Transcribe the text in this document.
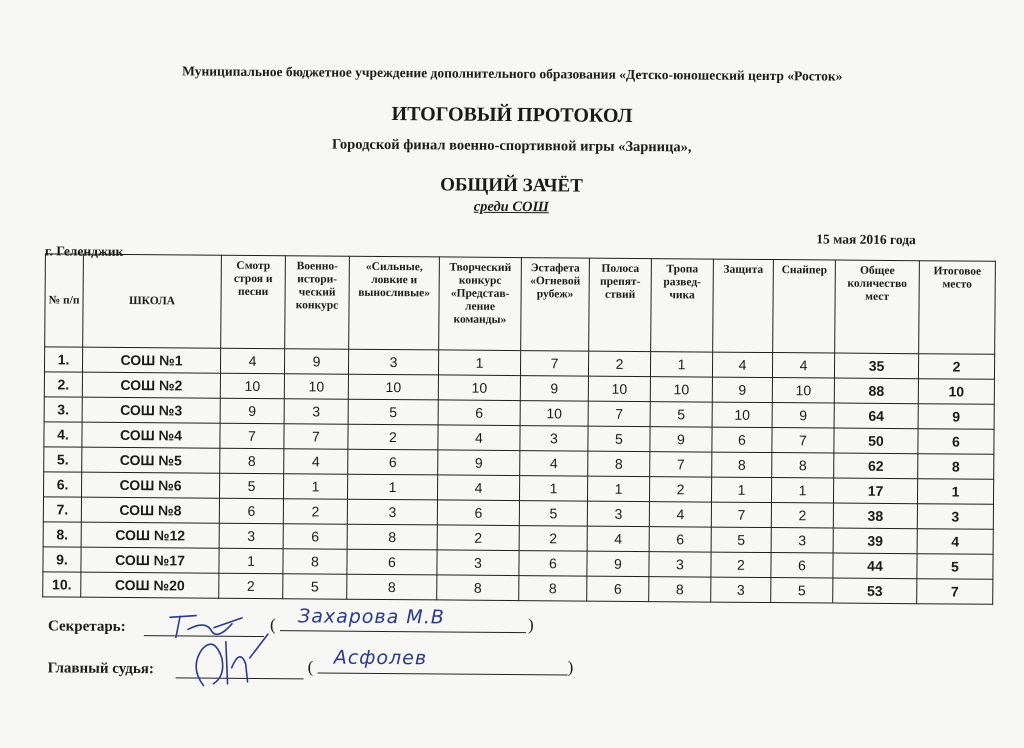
Муниципальное бюджетное учреждение дополнительного образования «Детско-юношеский центр «Росток»
ИТОГОВЫЙ ПРОТОКОЛ
Городской финал военно-спортивной игры «Зарница»,
ОБЩИЙ ЗАЧЁТ
среди СОШ
15 мая 2016 года
г. Геленджик
№ п/п	ШКОЛА	Смотр строя и песни	Военно-истори-ческий конкурс	«Сильные, ловкие и выносливые»	Творческий конкурс «Представ-ление команды»	Эстафета «Огневой рубеж»	Полоса препят-ствий	Тропа развед-чика	Защита	Снайпер	Общее количество мест	Итоговое место
1.	СОШ №1	4	9	3	1	7	2	1	4	4	35	2
2.	СОШ №2	10	10	10	10	9	10	10	9	10	88	10
3.	СОШ №3	9	3	5	6	10	7	5	10	9	64	9
4.	СОШ №4	7	7	2	4	3	5	9	6	7	50	6
5.	СОШ №5	8	4	6	9	4	8	7	8	8	62	8
6.	СОШ №6	5	1	1	4	1	1	2	1	1	17	1
7.	СОШ №8	6	2	3	6	5	3	4	7	2	38	3
8.	СОШ №12	3	6	8	2	2	4	6	5	3	39	4
9.	СОШ №17	1	8	6	3	6	9	3	2	6	44	5
10.	СОШ №20	2	5	8	8	8	6	8	3	5	53	7
Секретарь:	( Захарова М.В	)
Главный судья:	( Асфолев	)
